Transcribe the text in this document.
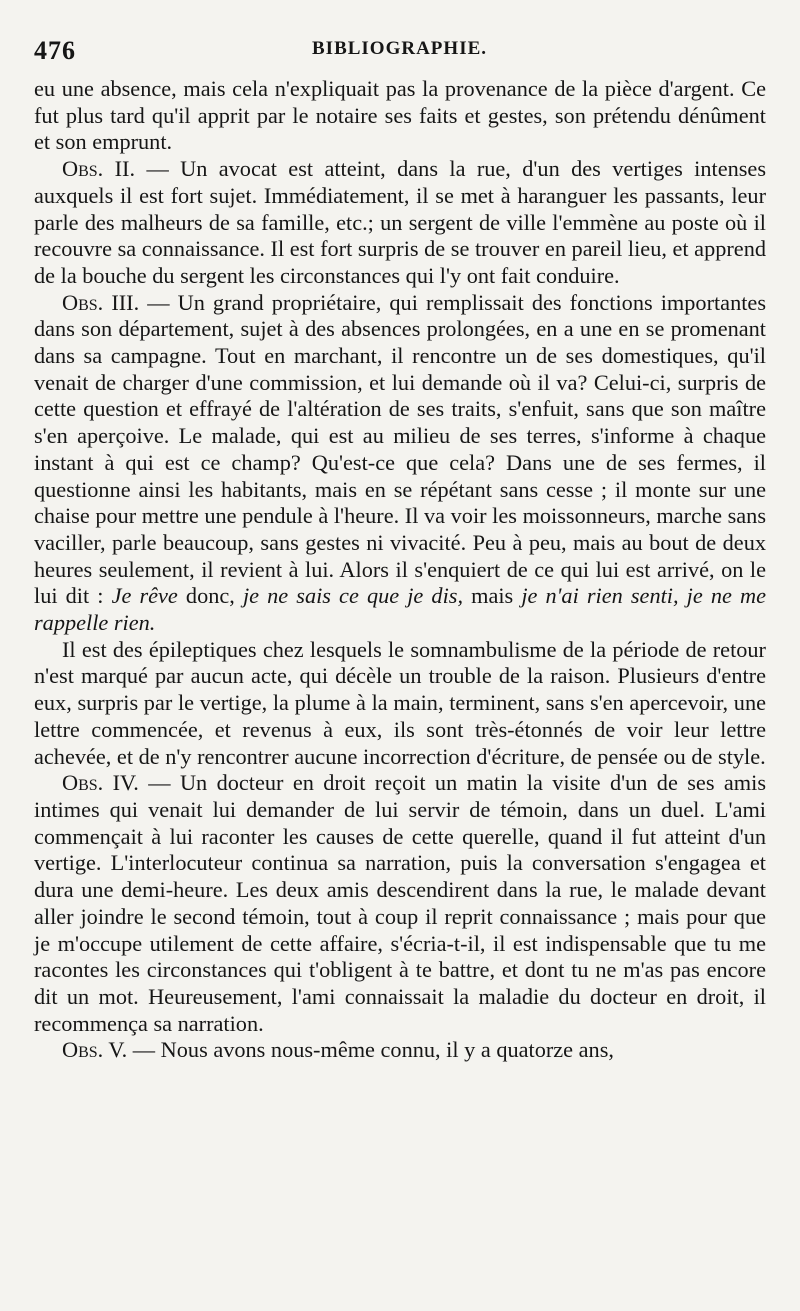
476	BIBLIOGRAPHIE.

eu une absence, mais cela n'expliquait pas la provenance de la pièce d'argent. Ce fut plus tard qu'il apprit par le notaire ses faits et gestes, son prétendu dénûment et son emprunt.

Obs. II. — Un avocat est atteint, dans la rue, d'un des vertiges intenses auxquels il est fort sujet. Immédiatement, il se met à haranguer les passants, leur parle des malheurs de sa famille, etc.; un sergent de ville l'emmène au poste où il recouvre sa connaissance. Il est fort surpris de se trouver en pareil lieu, et apprend de la bouche du sergent les circonstances qui l'y ont fait conduire.

Obs. III. — Un grand propriétaire, qui remplissait des fonctions importantes dans son département, sujet à des absences prolongées, en a une en se promenant dans sa campagne. Tout en marchant, il rencontre un de ses domestiques, qu'il venait de charger d'une commission, et lui demande où il va? Celui-ci, surpris de cette question et effrayé de l'altération de ses traits, s'enfuit, sans que son maître s'en aperçoive. Le malade, qui est au milieu de ses terres, s'informe à chaque instant à qui est ce champ? Qu'est-ce que cela? Dans une de ses fermes, il questionne ainsi les habitants, mais en se répétant sans cesse ; il monte sur une chaise pour mettre une pendule à l'heure. Il va voir les moissonneurs, marche sans vaciller, parle beaucoup, sans gestes ni vivacité. Peu à peu, mais au bout de deux heures seulement, il revient à lui. Alors il s'enquiert de ce qui lui est arrivé, on le lui dit : Je rêve donc, je ne sais ce que je dis, mais je n'ai rien senti, je ne me rappelle rien.

Il est des épileptiques chez lesquels le somnambulisme de la période de retour n'est marqué par aucun acte, qui décèle un trouble de la raison. Plusieurs d'entre eux, surpris par le vertige, la plume à la main, terminent, sans s'en apercevoir, une lettre commencée, et revenus à eux, ils sont très-étonnés de voir leur lettre achevée, et de n'y rencontrer aucune incorrection d'écriture, de pensée ou de style.

Obs. IV. — Un docteur en droit reçoit un matin la visite d'un de ses amis intimes qui venait lui demander de lui servir de témoin, dans un duel. L'ami commençait à lui raconter les causes de cette querelle, quand il fut atteint d'un vertige. L'interlocuteur continua sa narration, puis la conversation s'engagea et dura une demi-heure. Les deux amis descendirent dans la rue, le malade devant aller joindre le second témoin, tout à coup il reprit connaissance ; mais pour que je m'occupe utilement de cette affaire, s'écria-t-il, il est indispensable que tu me racontes les circonstances qui t'obligent à te battre, et dont tu ne m'as pas encore dit un mot. Heureusement, l'ami connaissait la maladie du docteur en droit, il recommença sa narration.

Obs. V. — Nous avons nous-même connu, il y a quatorze ans,
